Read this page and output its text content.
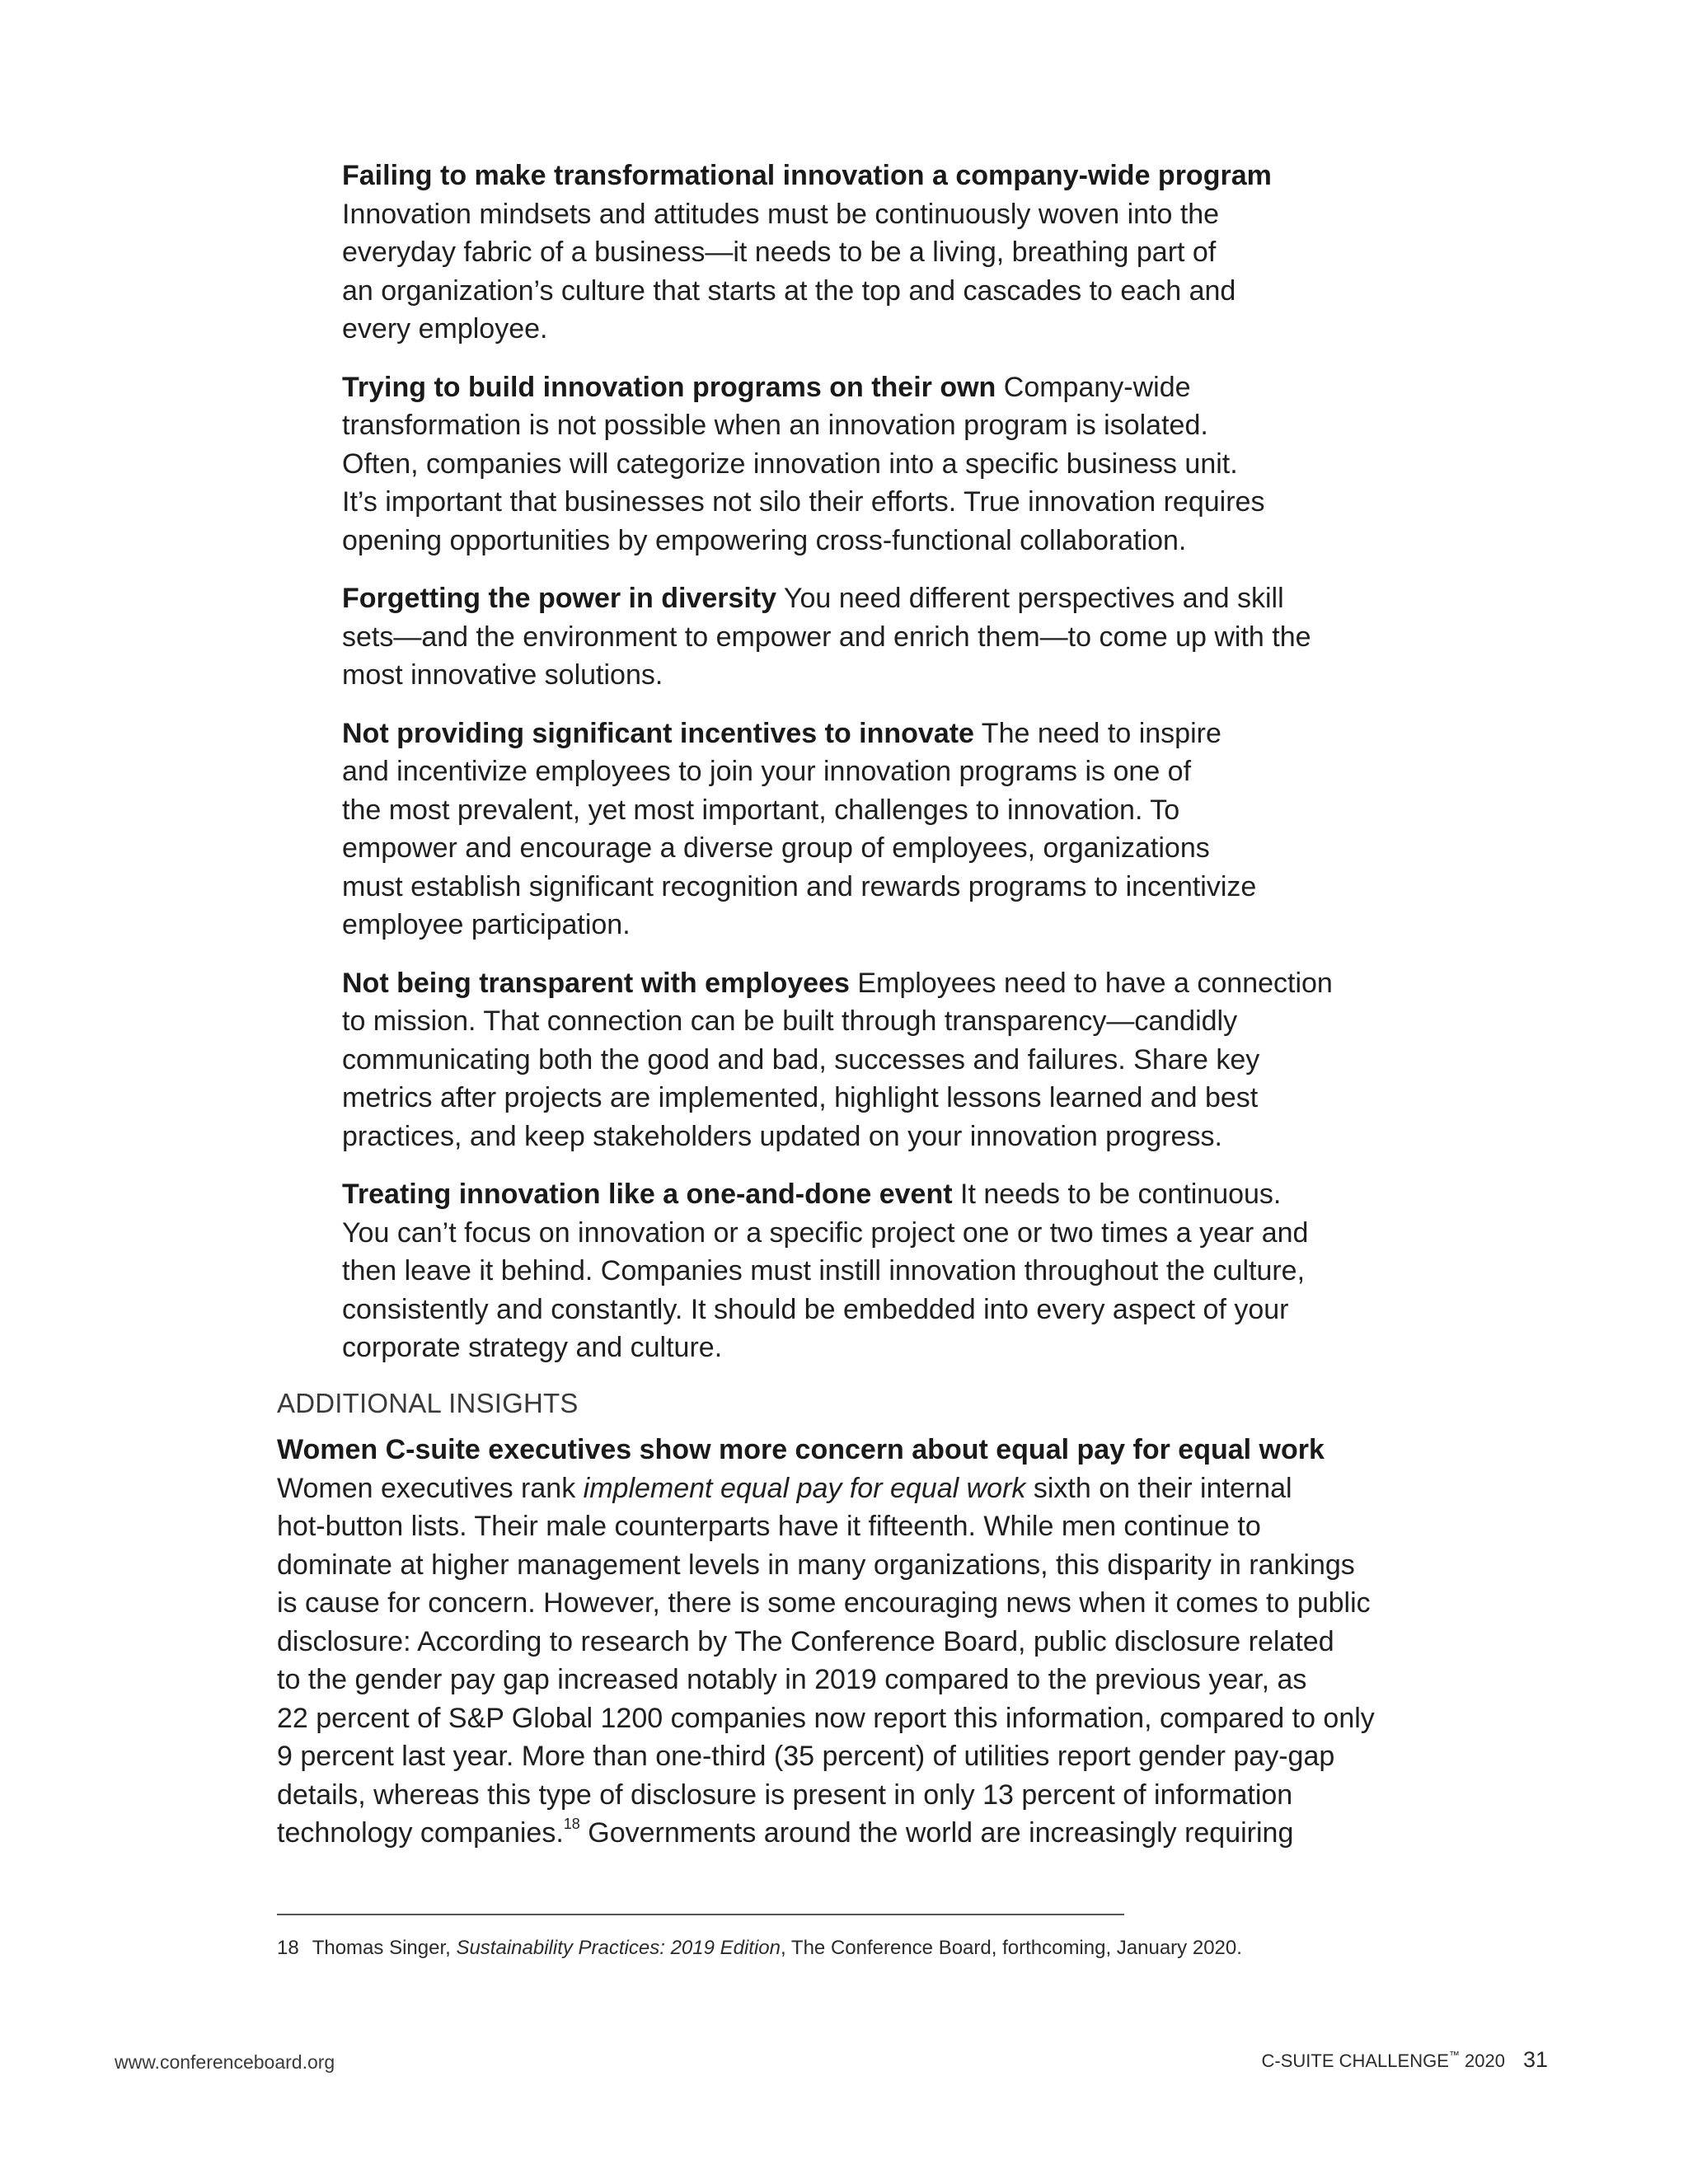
Failing to make transformational innovation a company-wide program
Innovation mindsets and attitudes must be continuously woven into the
everyday fabric of a business—it needs to be a living, breathing part of
an organization’s culture that starts at the top and cascades to each and
every employee.
Trying to build innovation programs on their own Company-wide
transformation is not possible when an innovation program is isolated.
Often, companies will categorize innovation into a specific business unit.
It’s important that businesses not silo their efforts. True innovation requires
opening opportunities by empowering cross-functional collaboration.
Forgetting the power in diversity You need different perspectives and skill
sets—and the environment to empower and enrich them—to come up with the
most innovative solutions.
Not providing significant incentives to innovate The need to inspire
and incentivize employees to join your innovation programs is one of
the most prevalent, yet most important, challenges to innovation. To
empower and encourage a diverse group of employees, organizations
must establish significant recognition and rewards programs to incentivize
employee participation.
Not being transparent with employees Employees need to have a connection
to mission. That connection can be built through transparency—candidly
communicating both the good and bad, successes and failures. Share key
metrics after projects are implemented, highlight lessons learned and best
practices, and keep stakeholders updated on your innovation progress.
Treating innovation like a one-and-done event It needs to be continuous.
You can’t focus on innovation or a specific project one or two times a year and
then leave it behind. Companies must instill innovation throughout the culture,
consistently and constantly. It should be embedded into every aspect of your
corporate strategy and culture.
ADDITIONAL INSIGHTS
Women C-suite executives show more concern about equal pay for equal work
Women executives rank implement equal pay for equal work sixth on their internal
hot-button lists. Their male counterparts have it fifteenth. While men continue to
dominate at higher management levels in many organizations, this disparity in rankings
is cause for concern. However, there is some encouraging news when it comes to public
disclosure: According to research by The Conference Board, public disclosure related
to the gender pay gap increased notably in 2019 compared to the previous year, as
22 percent of S&P Global 1200 companies now report this information, compared to only
9 percent last year. More than one-third (35 percent) of utilities report gender pay-gap
details, whereas this type of disclosure is present in only 13 percent of information
technology companies.$^{18}$ Governments around the world are increasingly requiring
18 Thomas Singer, Sustainability Practices: 2019 Edition, The Conference Board, forthcoming, January 2020.
www.conferenceboard.org	C-SUITE CHALLENGE™ 2020 31
